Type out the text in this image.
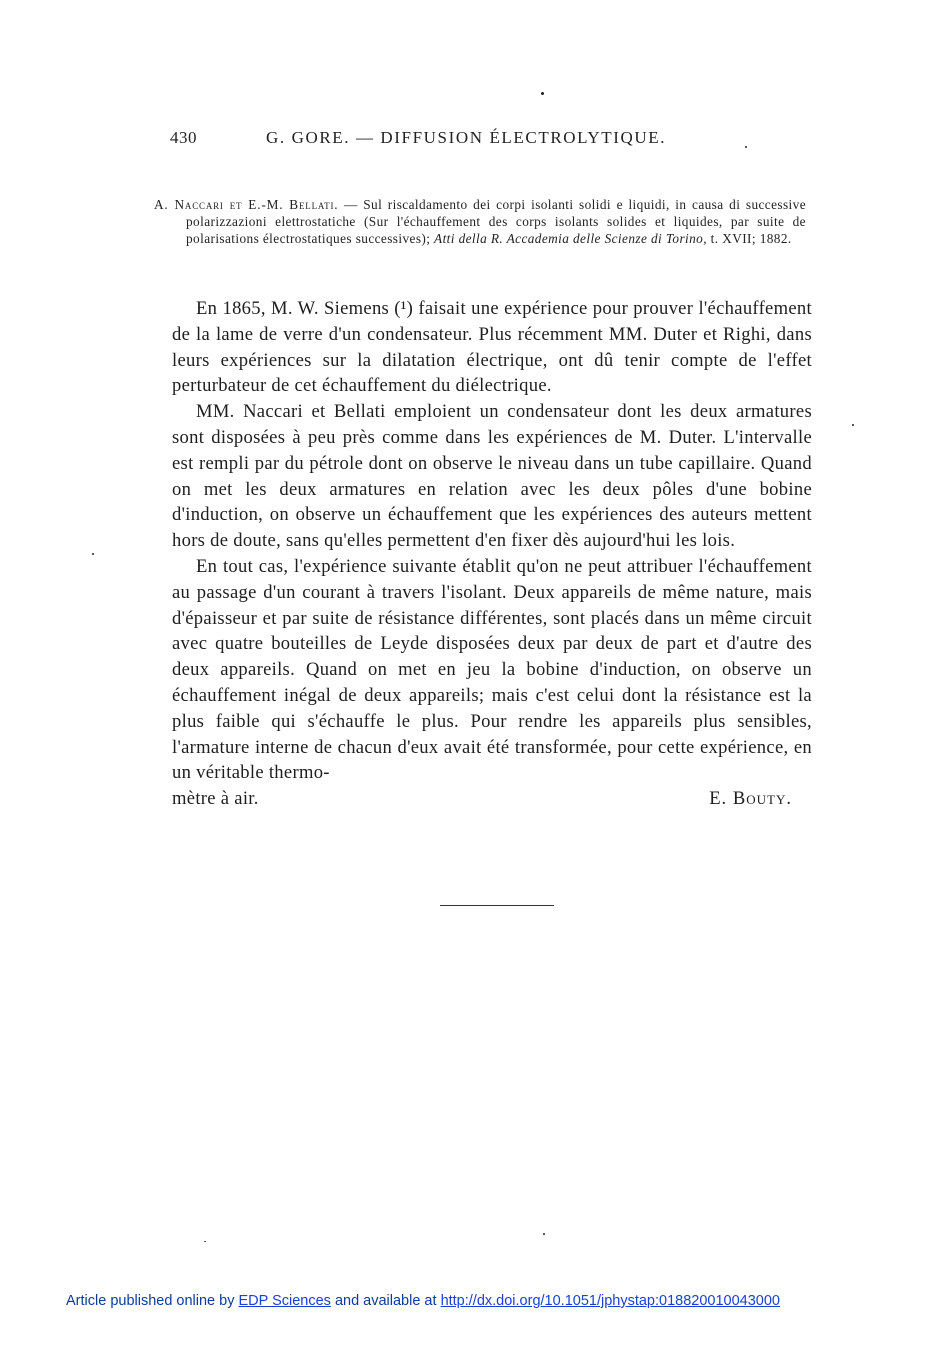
430	G. GORE. — DIFFUSION ÉLECTROLYTIQUE.
A. Naccari et E.-M. Bellati. — Sul riscaldamento dei corpi isolanti solidi e liquidi, in causa di successive polarizzazioni elettrostatiche (Sur l'échauffement des corps isolants solides et liquides, par suite de polarisations électrostatiques successives); Atti della R. Accademia delle Scienze di Torino, t. XVII; 1882.

En 1865, M. W. Siemens (¹) faisait une expérience pour prouver l'échauffement de la lame de verre d'un condensateur. Plus récemment MM. Duter et Righi, dans leurs expériences sur la dilatation électrique, ont dû tenir compte de l'effet perturbateur de cet échauffement du diélectrique.

MM. Naccari et Bellati emploient un condensateur dont les deux armatures sont disposées à peu près comme dans les expériences de M. Duter. L'intervalle est rempli par du pétrole dont on observe le niveau dans un tube capillaire. Quand on met les deux armatures en relation avec les deux pôles d'une bobine d'induction, on observe un échauffement que les expériences des auteurs mettent hors de doute, sans qu'elles permettent d'en fixer dès aujourd'hui les lois.

En tout cas, l'expérience suivante établit qu'on ne peut attribuer l'échauffement au passage d'un courant à travers l'isolant. Deux appareils de même nature, mais d'épaisseur et par suite de résistance différentes, sont placés dans un même circuit avec quatre bouteilles de Leyde disposées deux par deux de part et d'autre des deux appareils. Quand on met en jeu la bobine d'induction, on observe un échauffement inégal de deux appareils; mais c'est celui dont la résistance est la plus faible qui s'échauffe le plus. Pour rendre les appareils plus sensibles, l'armature interne de chacun d'eux avait été transformée, pour cette expérience, en un véritable thermo-

mètre à air.	E. Bouty.

Article published online by EDP Sciences and available at http://dx.doi.org/10.1051/jphystap:018820010043000
